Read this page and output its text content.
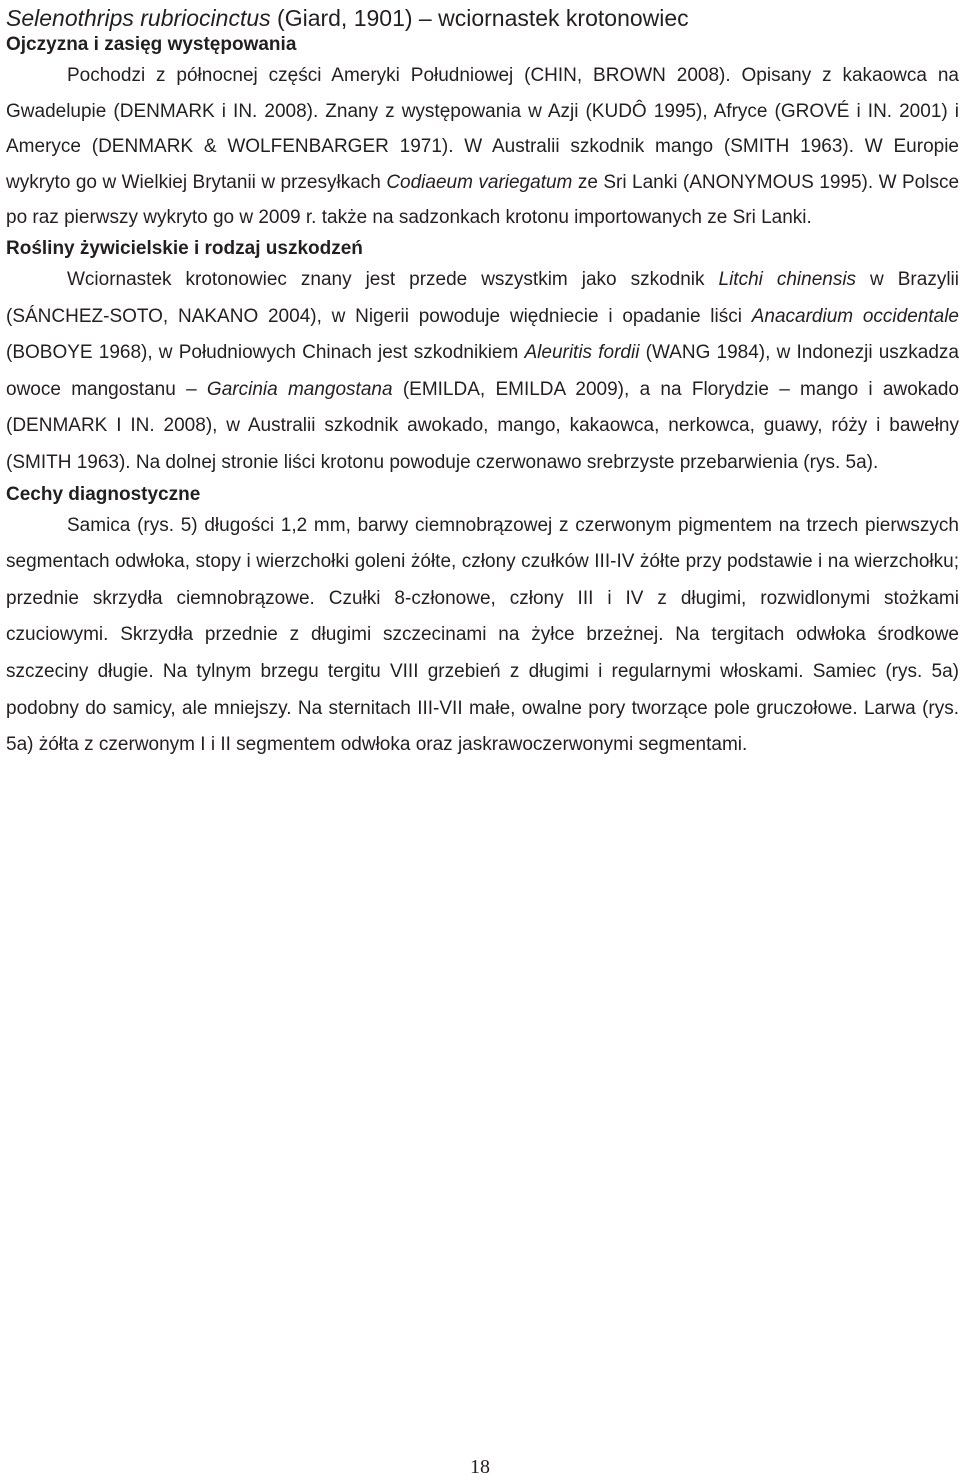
Selenothrips rubriocinctus (Giard, 1901) – wciornastek krotonowiec
Ojczyzna i zasięg występowania

Pochodzi z północnej części Ameryki Południowej (CHIN, BROWN 2008). Opisany z kakaowca na Gwadelupie (DENMARK i IN. 2008). Znany z występowania w Azji (KUDÔ 1995), Afryce (GROVÉ i IN. 2001) i Ameryce (DENMARK & WOLFENBARGER 1971). W Australii szkodnik mango (SMITH 1963). W Europie wykryto go w Wielkiej Brytanii w przesyłkach Codiaeum variegatum ze Sri Lanki (ANONYMOUS 1995). W Polsce po raz pierwszy wykryto go w 2009 r. także na sadzonkach krotonu importowanych ze Sri Lanki.

Rośliny żywicielskie i rodzaj uszkodzeń

Wciornastek krotonowiec znany jest przede wszystkim jako szkodnik Litchi chinensis w Brazylii (SÁNCHEZ-SOTO, NAKANO 2004), w Nigerii powoduje więdniecie i opadanie liści Anacardium occidentale (BOBOYE 1968), w Południowych Chinach jest szkodnikiem Aleuritis fordii (WANG 1984), w Indonezji uszkadza owoce mangostanu – Garcinia mangostana (EMILDA, EMILDA 2009), a na Florydzie – mango i awokado (DENMARK I IN. 2008), w Australii szkodnik awokado, mango, kakaowca, nerkowca, guawy, róży i bawełny (SMITH 1963). Na dolnej stronie liści krotonu powoduje czerwonawo srebrzyste przebarwienia (rys. 5a).

Cechy diagnostyczne

Samica (rys. 5) długości 1,2 mm, barwy ciemnobrązowej z czerwonym pigmentem na trzech pierwszych segmentach odwłoka, stopy i wierzchołki goleni żółte, człony czułków III-IV żółte przy podstawie i na wierzchołku; przednie skrzydła ciemnobrązowe. Czułki 8-członowe, człony III i IV z długimi, rozwidlonymi stożkami czuciowymi. Skrzydła przednie z długimi szczecinami na żyłce brzeżnej. Na tergitach odwłoka środkowe szczeciny długie. Na tylnym brzegu tergitu VIII grzebień z długimi i regularnymi włoskami. Samiec (rys. 5a) podobny do samicy, ale mniejszy. Na sternitach III-VII małe, owalne pory tworzące pole gruczołowe. Larwa (rys. 5a) żółta z czerwonym I i II segmentem odwłoka oraz jaskrawoczerwonymi segmentami.

18
